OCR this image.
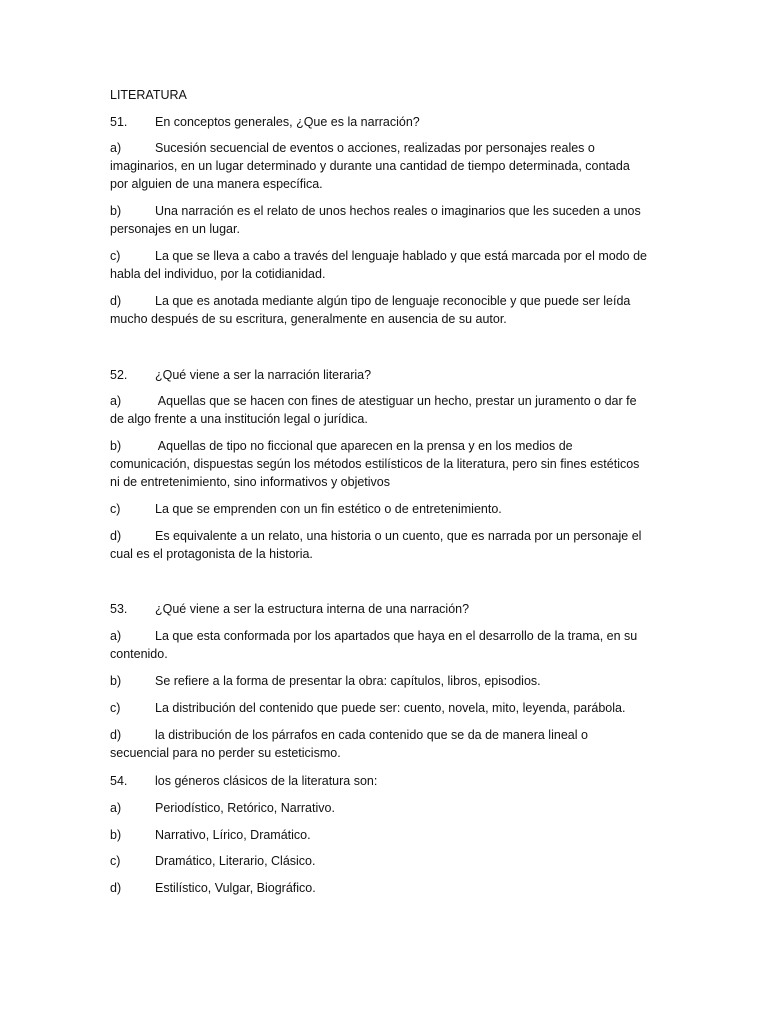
LITERATURA
51. En conceptos generales, ¿Que es la narración?
a)	Sucesión secuencial de eventos o acciones, realizadas por personajes reales o
imaginarios, en un lugar determinado y durante una cantidad de tiempo determinada, contada
por alguien de una manera específica.
b)	Una narración es el relato de unos hechos reales o imaginarios que les suceden a unos
personajes en un lugar.
c)	La que se lleva a cabo a través del lenguaje hablado y que está marcada por el modo de
habla del individuo, por la cotidianidad.
d)	La que es anotada mediante algún tipo de lenguaje reconocible y que puede ser leída
mucho después de su escritura, generalmente en ausencia de su autor.
52. ¿Qué viene a ser la narración literaria?
a)	Aquellas que se hacen con fines de atestiguar un hecho, prestar un juramento o dar fe
de algo frente a una institución legal o jurídica.
b)	Aquellas de tipo no ficcional que aparecen en la prensa y en los medios de
comunicación, dispuestas según los métodos estilísticos de la literatura, pero sin fines estéticos
ni de entretenimiento, sino informativos y objetivos
c)	La que se emprenden con un fin estético o de entretenimiento.
d)	Es equivalente a un relato, una historia o un cuento, que es narrada por un personaje el
cual es el protagonista de la historia.
53. ¿Qué viene a ser la estructura interna de una narración?
a)	La que esta conformada por los apartados que haya en el desarrollo de la trama, en su
contenido.
b)	Se refiere a la forma de presentar la obra: capítulos, libros, episodios.
c)	La distribución del contenido que puede ser: cuento, novela, mito, leyenda, parábola.
d)	la distribución de los párrafos en cada contenido que se da de manera lineal o
secuencial para no perder su esteticismo.
54. los géneros clásicos de la literatura son:
a)	Periodístico, Retórico, Narrativo.
b)	Narrativo, Lírico, Dramático.
c)	Dramático, Literario, Clásico.
d)	Estilístico, Vulgar, Biográfico.
